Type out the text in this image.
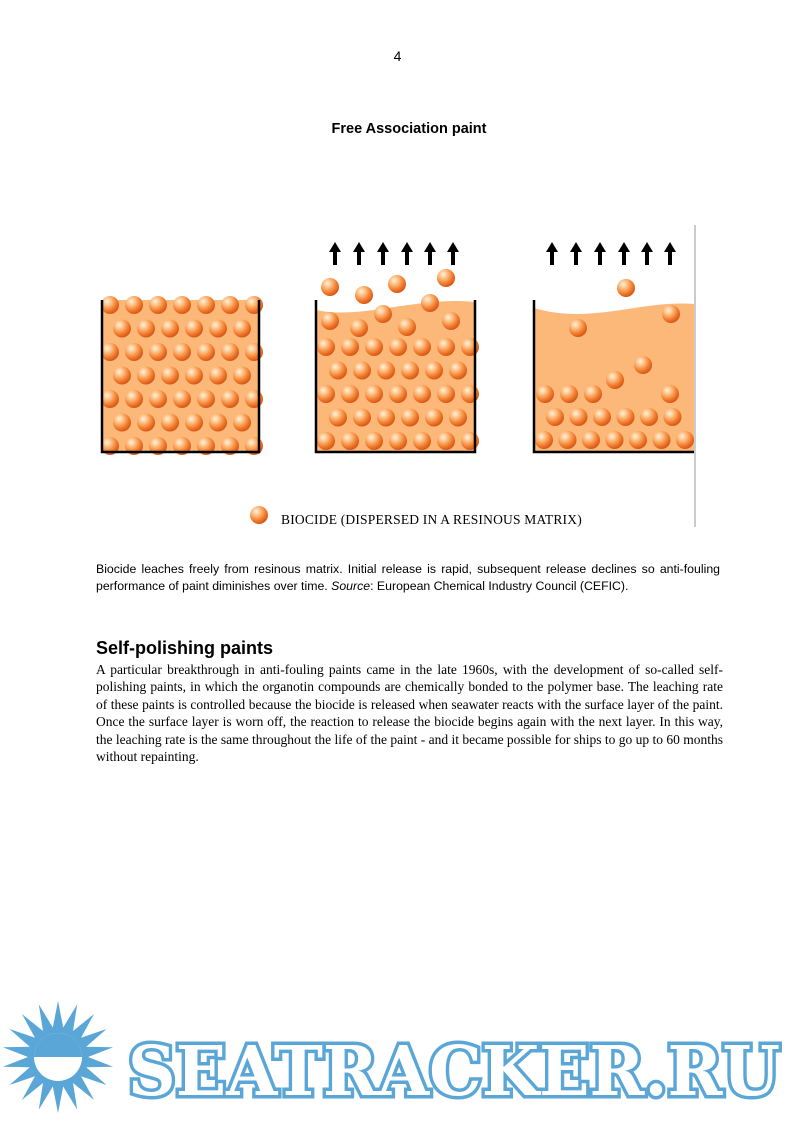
4
Free Association paint
BIOCIDE (DISPERSED IN A RESINOUS MATRIX)
Biocide leaches freely from resinous matrix. Initial release is rapid, subsequent release declines so anti-fouling performance of paint diminishes over time. Source: European Chemical Industry Council (CEFIC).
Self-polishing paints
A particular breakthrough in anti-fouling paints came in the late 1960s, with the development of so-called self-polishing paints, in which the organotin compounds are chemically bonded to the polymer base. The leaching rate of these paints is controlled because the biocide is released when seawater reacts with the surface layer of the paint. Once the surface layer is worn off, the reaction to release the biocide begins again with the next layer. In this way, the leaching rate is the same throughout the life of the paint - and it became possible for ships to go up to 60 months without repainting.
SEATRACKER.RU
